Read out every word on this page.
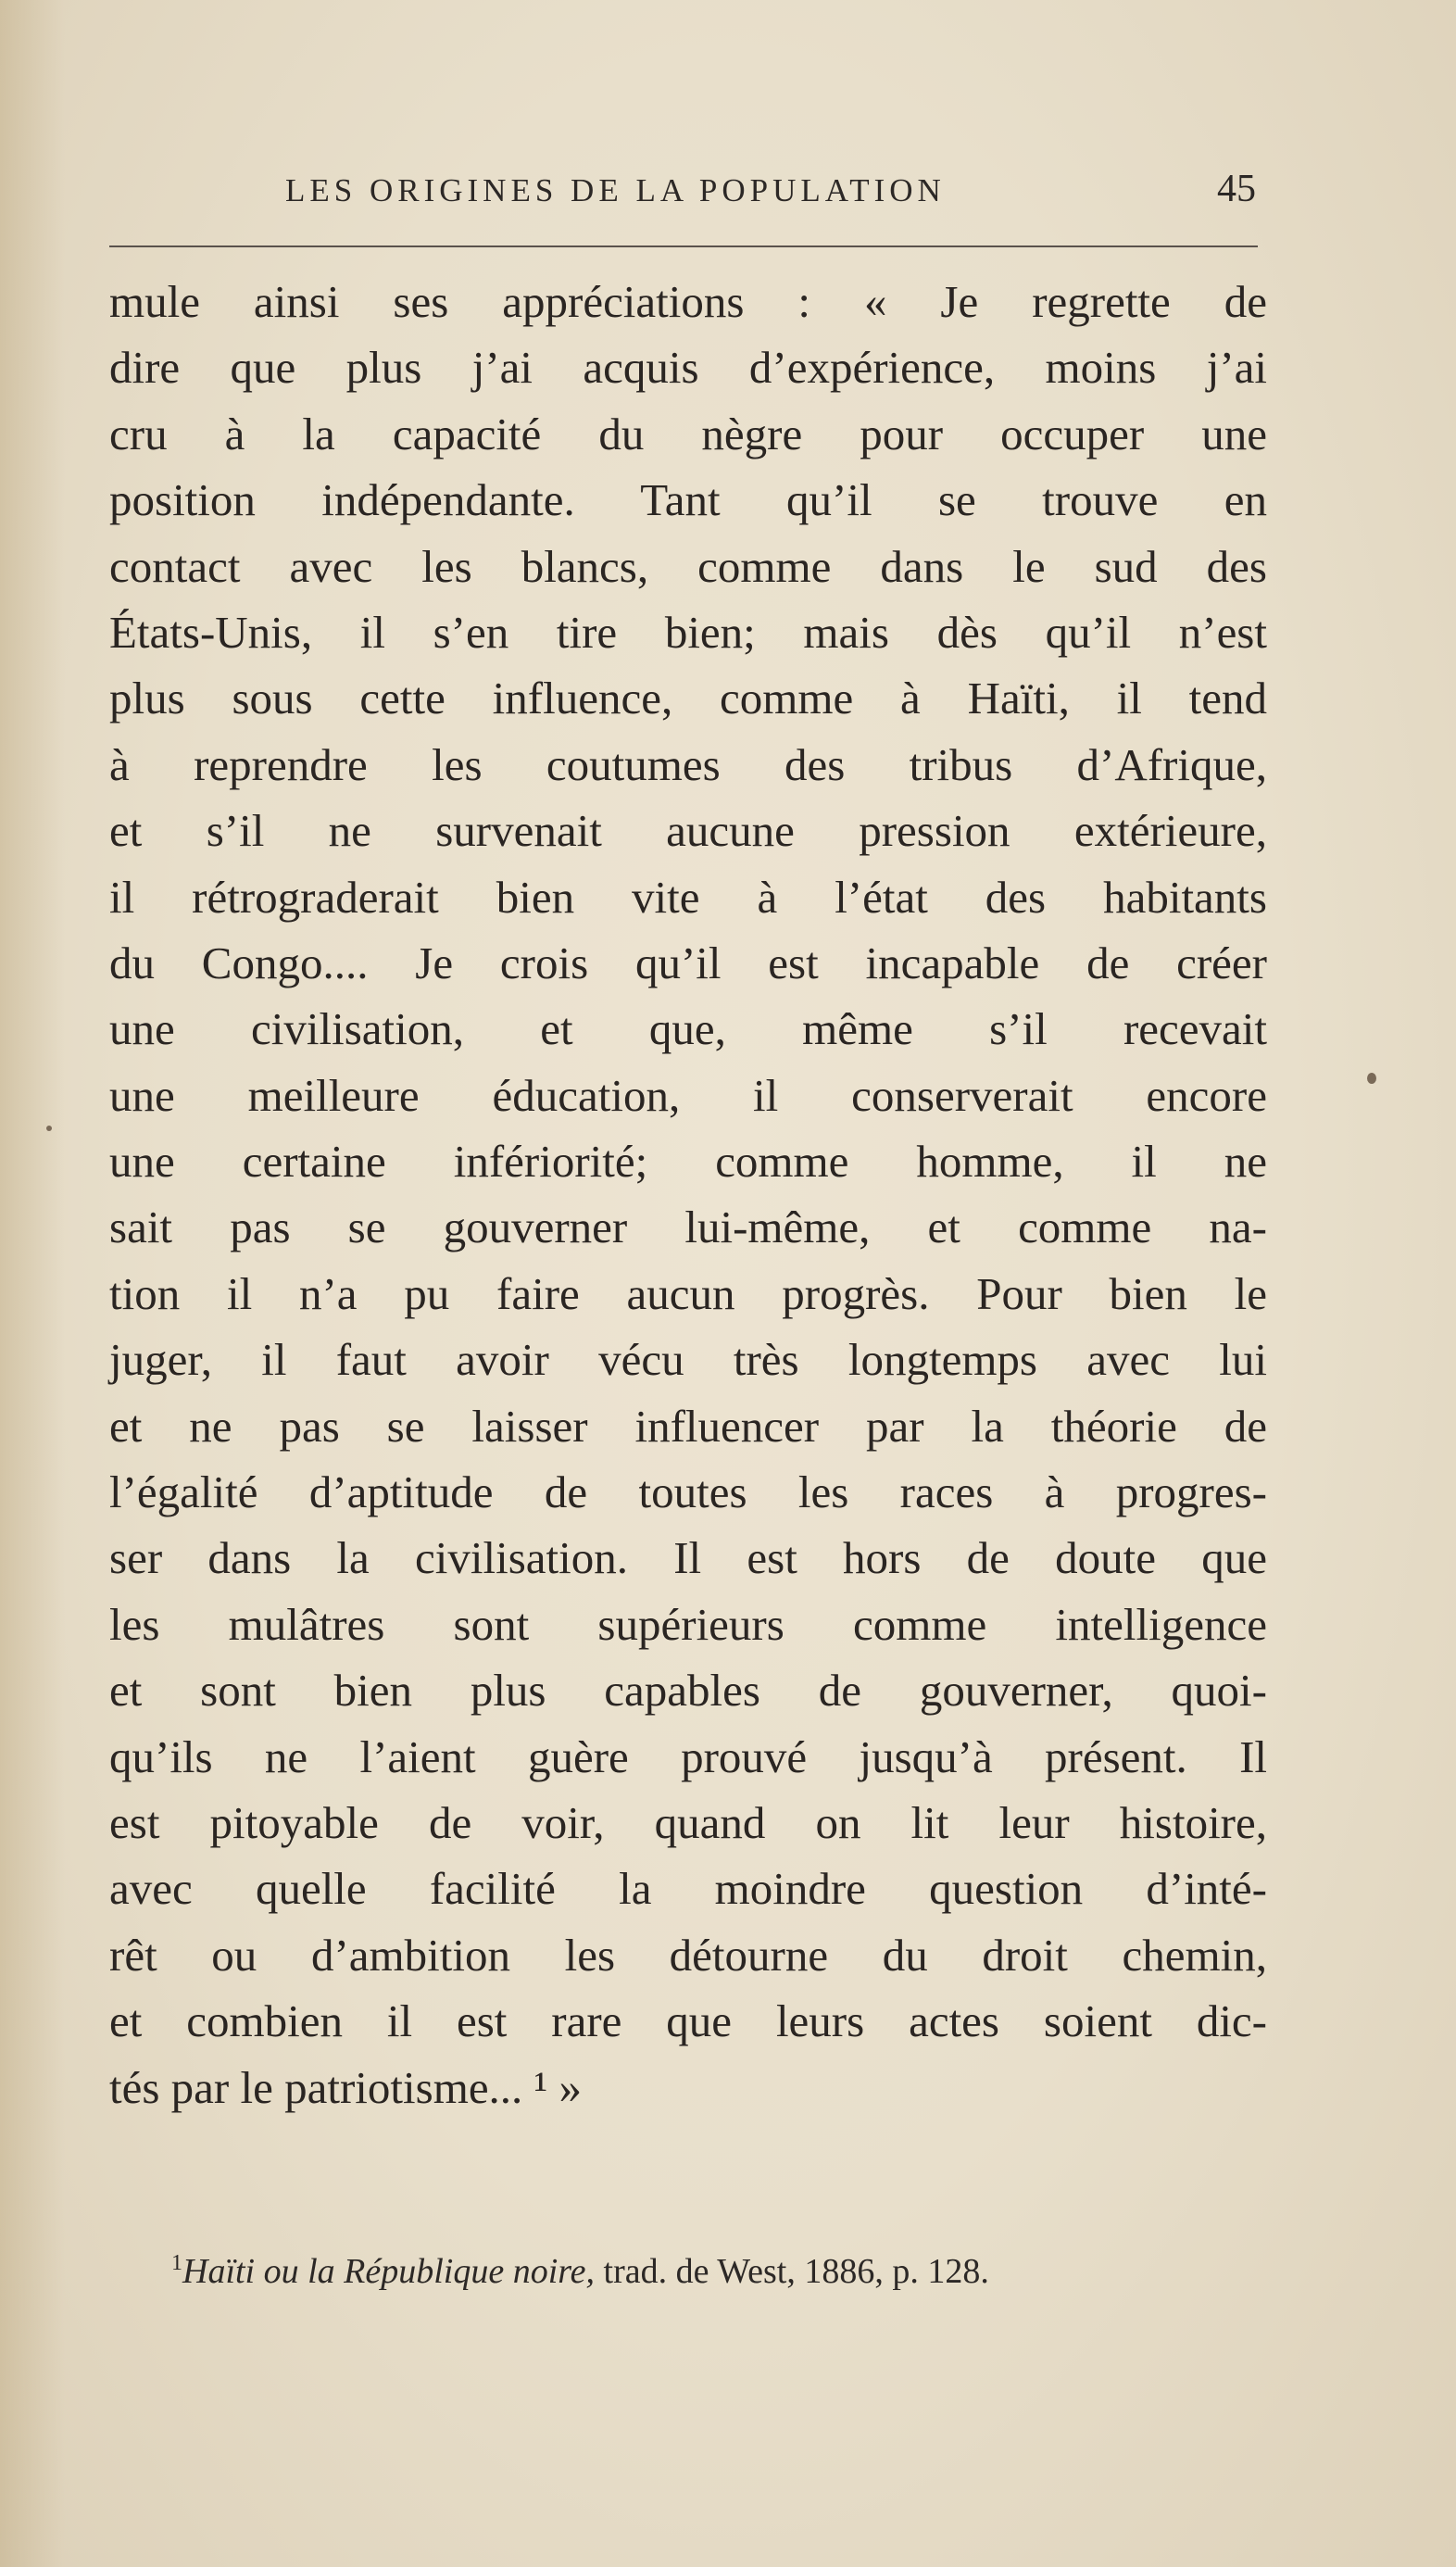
LES ORIGINES DE LA POPULATION	45
mule ainsi ses appréciations : « Je regrette de
dire que plus j’ai acquis d’expérience, moins j’ai
cru à la capacité du nègre pour occuper une
position indépendante. Tant qu’il se trouve en
contact avec les blancs, comme dans le sud des
États-Unis, il s’en tire bien; mais dès qu’il n’est
plus sous cette influence, comme à Haïti, il tend
à reprendre les coutumes des tribus d’Afrique,
et s’il ne survenait aucune pression extérieure,
il rétrograderait bien vite à l’état des habitants
du Congo.... Je crois qu’il est incapable de créer
une civilisation, et que, même s’il recevait
une meilleure éducation, il conserverait encore
une certaine infériorité; comme homme, il ne
sait pas se gouverner lui-même, et comme na-
tion il n’a pu faire aucun progrès. Pour bien le
juger, il faut avoir vécu très longtemps avec lui
et ne pas se laisser influencer par la théorie de
l’égalité d’aptitude de toutes les races à progres-
ser dans la civilisation. Il est hors de doute que
les mulâtres sont supérieurs comme intelligence
et sont bien plus capables de gouverner, quoi-
qu’ils ne l’aient guère prouvé jusqu’à présent. Il
est pitoyable de voir, quand on lit leur histoire,
avec quelle facilité la moindre question d’inté-
rêt ou d’ambition les détourne du droit chemin,
et combien il est rare que leurs actes soient dic-
tés par le patriotisme... ¹ »
$^1$Haïti ou la République noire, trad. de West, 1886, p. 128.
